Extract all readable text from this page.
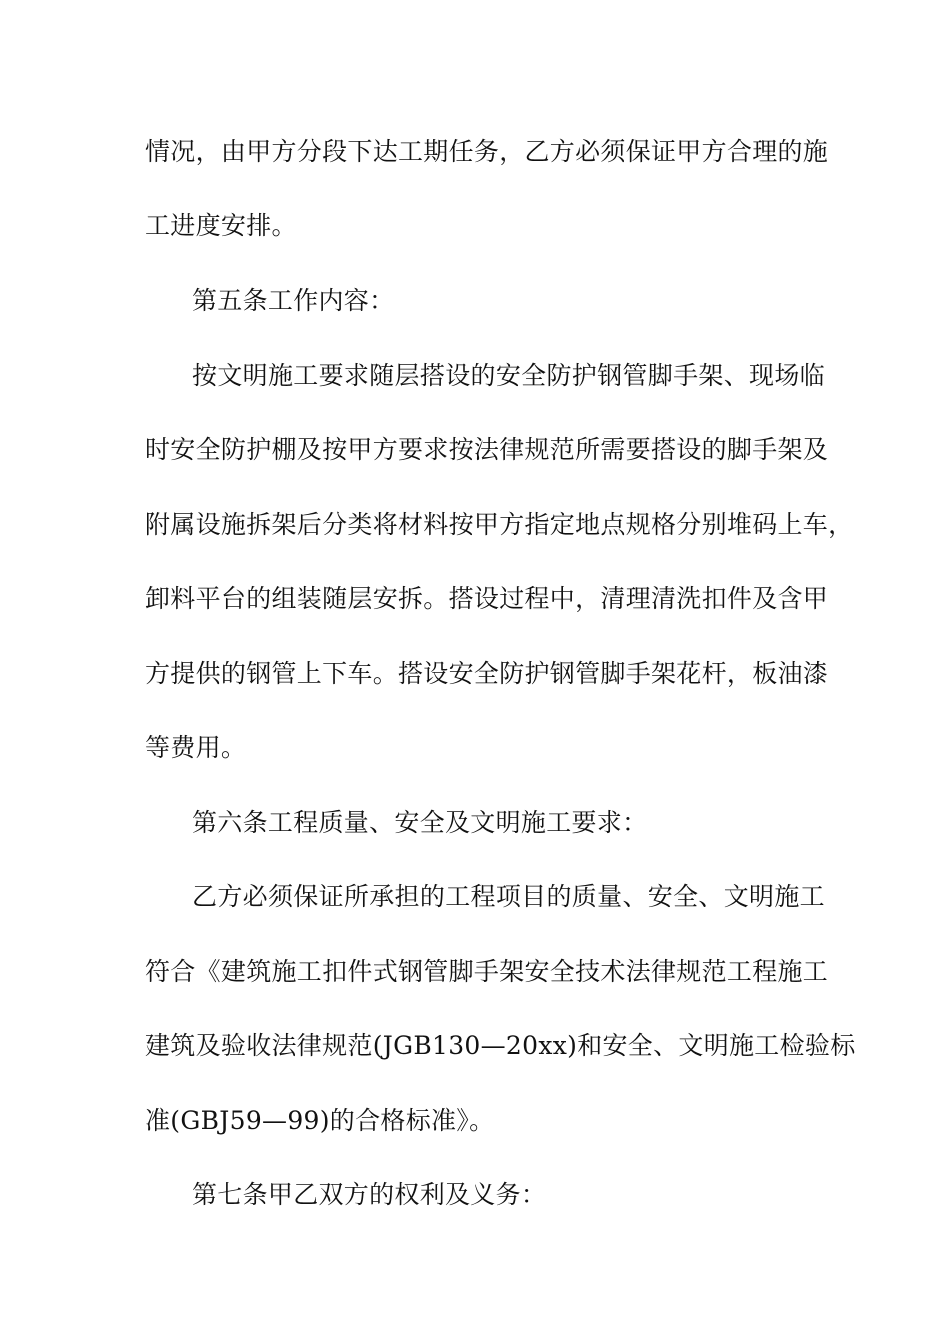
情况，由甲方分段下达工期任务，乙方必须保证甲方合理的施
工进度安排。
第五条工作内容：
按文明施工要求随层搭设的安全防护钢管脚手架、现场临
时安全防护棚及按甲方要求按法律规范所需要搭设的脚手架及
附属设施拆架后分类将材料按甲方指定地点规格分别堆码上车，
卸料平台的组装随层安拆。搭设过程中，清理清洗扣件及含甲
方提供的钢管上下车。搭设安全防护钢管脚手架花杆，板油漆
等费用。
第六条工程质量、安全及文明施工要求：
乙方必须保证所承担的工程项目的质量、安全、文明施工
符合《建筑施工扣件式钢管脚手架安全技术法律规范工程施工
建筑及验收法律规范(JGB130—20xx)和安全、文明施工检验标
准(GBJ59—99)的合格标准》。
第七条甲乙双方的权利及义务：
